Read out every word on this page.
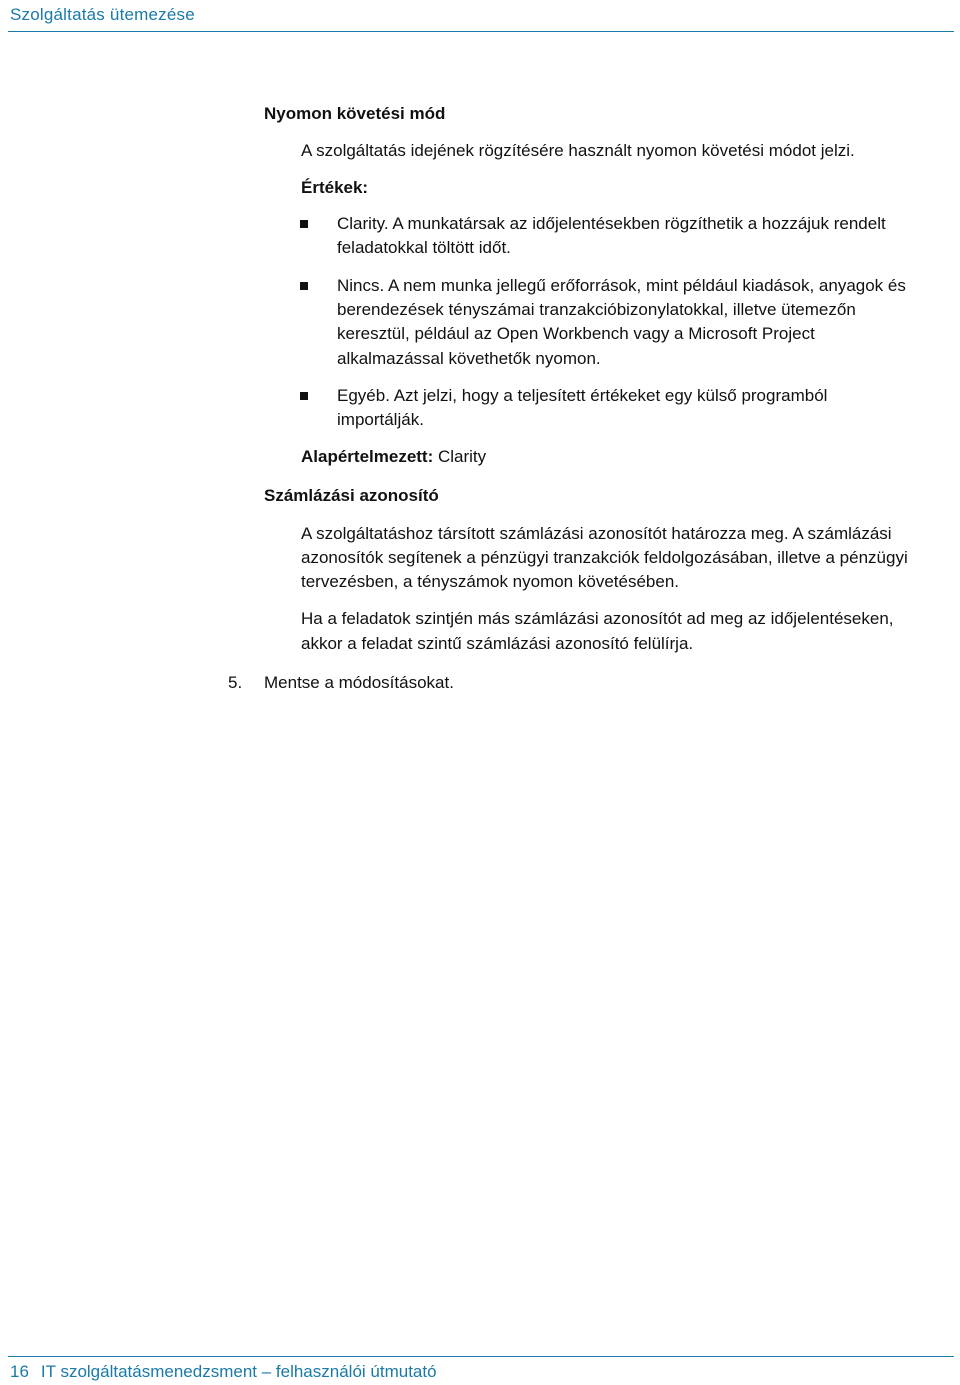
Szolgáltatás ütemezése
Nyomon követési mód
A szolgáltatás idejének rögzítésére használt nyomon követési módot jelzi.
Értékek:
Clarity. A munkatársak az időjelentésekben rögzíthetik a hozzájuk rendelt
feladatokkal töltött időt.
Nincs. A nem munka jellegű erőforrások, mint például kiadások, anyagok és
berendezések tényszámai tranzakcióbizonylatokkal, illetve ütemezőn
keresztül, például az Open Workbench vagy a Microsoft Project
alkalmazással követhetők nyomon.
Egyéb. Azt jelzi, hogy a teljesített értékeket egy külső programból
importálják.
Alapértelmezett: Clarity
Számlázási azonosító
A szolgáltatáshoz társított számlázási azonosítót határozza meg. A számlázási
azonosítók segítenek a pénzügyi tranzakciók feldolgozásában, illetve a pénzügyi
tervezésben, a tényszámok nyomon követésében.
Ha a feladatok szintjén más számlázási azonosítót ad meg az időjelentéseken,
akkor a feladat szintű számlázási azonosító felülírja.
5. Mentse a módosításokat.
16 IT szolgáltatásmenedzsment – felhasználói útmutató
